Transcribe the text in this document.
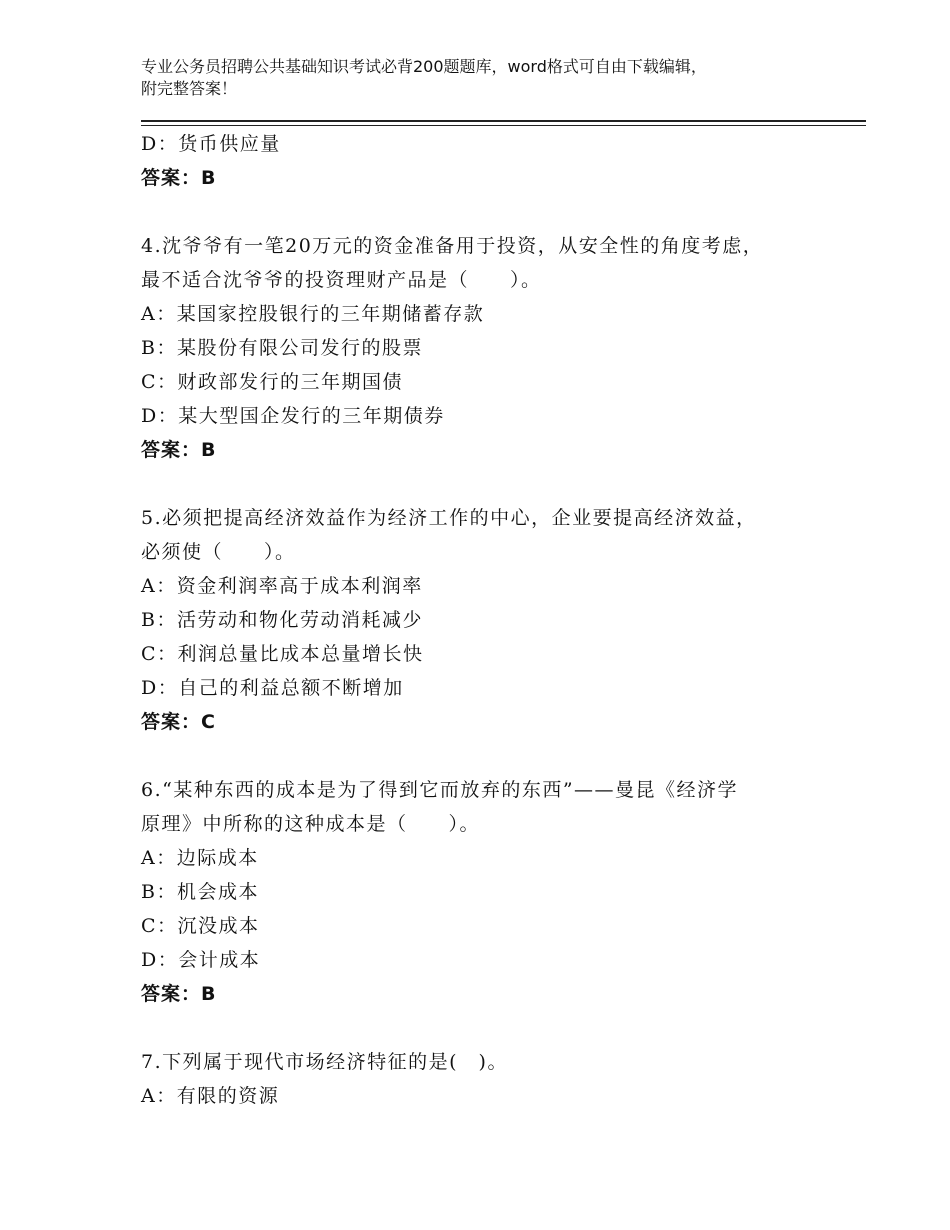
专业公务员招聘公共基础知识考试必背200题题库，word格式可自由下载编辑，
附完整答案！
D：货币供应量
答案：B
4.沈爷爷有一笔20万元的资金准备用于投资，从安全性的角度考虑，
最不适合沈爷爷的投资理财产品是（　　）。
A：某国家控股银行的三年期储蓄存款
B：某股份有限公司发行的股票
C：财政部发行的三年期国债
D：某大型国企发行的三年期债券
答案：B
5.必须把提高经济效益作为经济工作的中心，企业要提高经济效益，
必须使（　　）。
A：资金利润率高于成本利润率
B：活劳动和物化劳动消耗减少
C：利润总量比成本总量增长快
D：自己的利益总额不断增加
答案：C
6.“某种东西的成本是为了得到它而放弃的东西”——曼昆《经济学
原理》中所称的这种成本是（　　）。
A：边际成本
B：机会成本
C：沉没成本
D：会计成本
答案：B
7.下列属于现代市场经济特征的是(　)。
A：有限的资源
